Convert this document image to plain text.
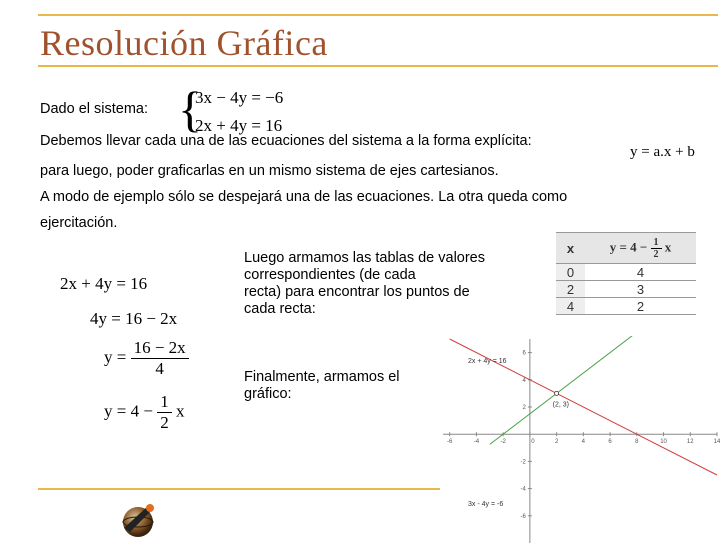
Resolución Gráfica
Dado el sistema: {
3x − 4y = −6
2x + 4y = 16
Debemos llevar cada una de las ecuaciones del sistema a la forma explícita:
y = a.x + b
para luego, poder graficarlas en un mismo sistema de ejes cartesianos.
A modo de ejemplo sólo se despejará una de las ecuaciones. La otra queda como
ejercitación.
2x + 4y = 16
4y = 16 − 2x
$y = \frac{16 - 2x}{4}$
$y = 4 - \frac{1}{2}$ x
Luego armamos las tablas de valores
correspondientes (de cada
recta) para encontrar los puntos de
cada recta:
Finalmente, armamos el
gráfico:
x	$y = 4 - \frac{1}{2}$ x
0	4
2	3
4	2
-6	-4	-2	0	2	4	6	8	10	12	14
6
4
2
-2
-4
-6
(2, 3)
2x + 4y = 16
3x - 4y = -6
